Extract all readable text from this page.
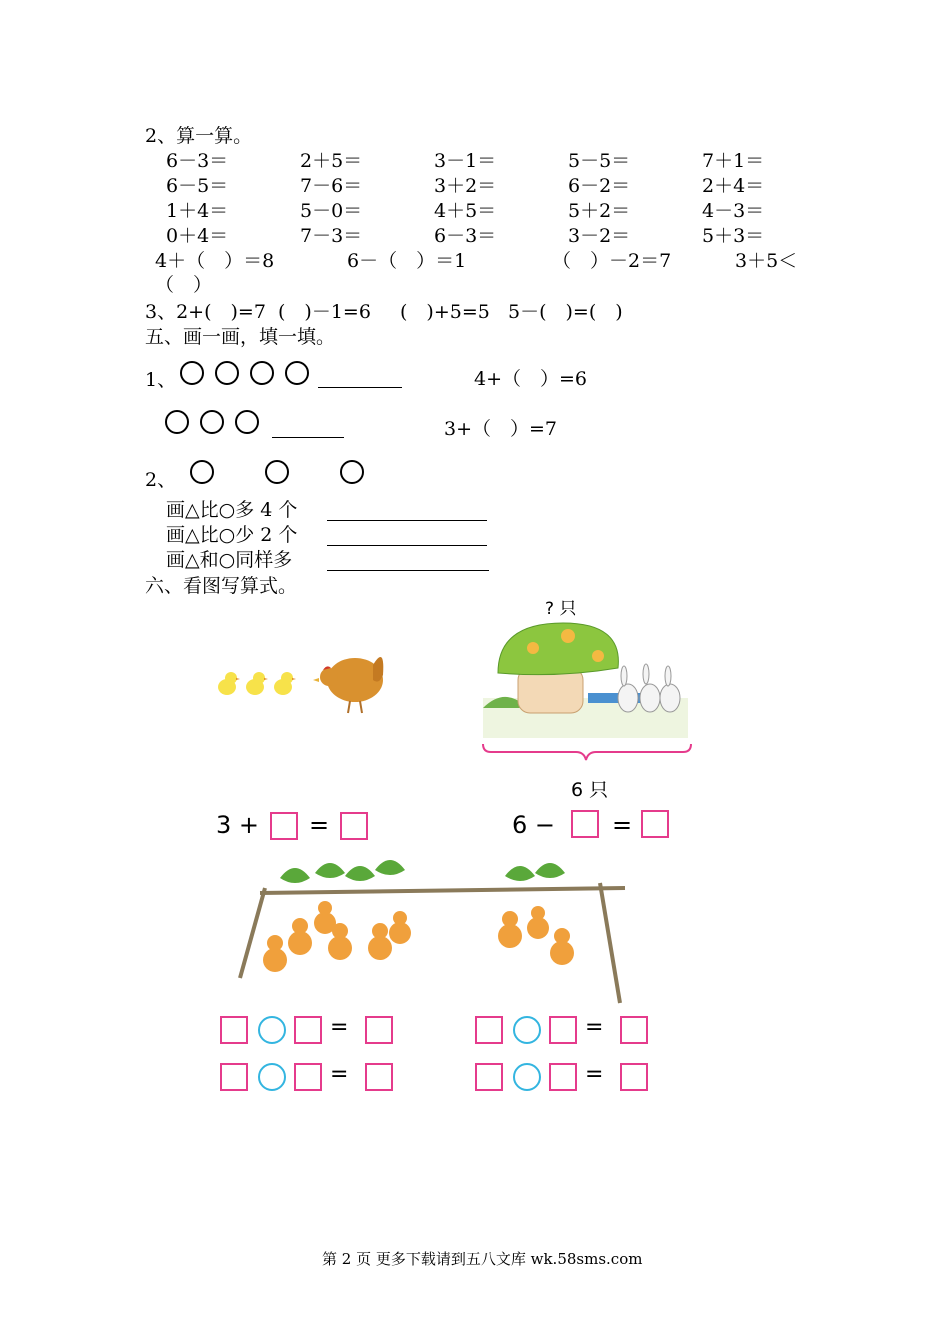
2、算一算。
6－3＝	2＋5＝	3－1＝	5－5＝	7＋1＝
6－5＝	7－6＝	3＋2＝	6－2＝	2＋4＝
1＋4＝	5－0＝	4＋5＝	5＋2＝	4－3＝
0＋4＝	7－3＝	6－3＝	3－2＝	5＋3＝
4＋（　）＝8	6－（　）＝1	（　）－2＝7	3＋5＜
（　）
3、2+(　)=7 (　)－1=6 (　)+5=5 5－(　)=(　)
五、画一画，填一填。
1、
	4+（　）=6

3+（　）=7
2、

画△比○多 4 个
画△比○少 2 个
画△和○同样多
六、看图写算式。
? 只
6 只
3 + =	6 − =
=	=
=	=
第 2 页 更多下载请到五八文库 wk.58sms.com
